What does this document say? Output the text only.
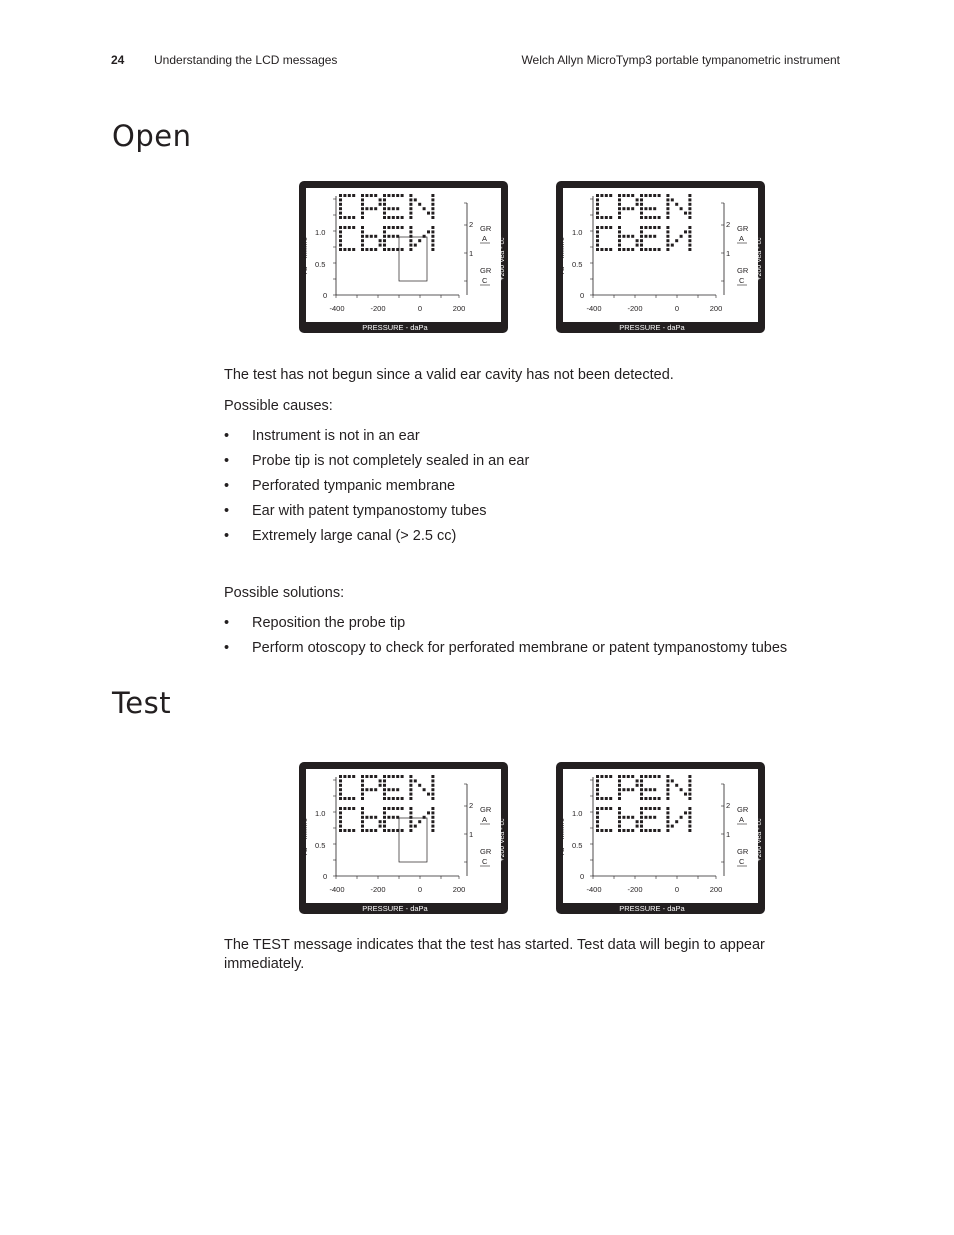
24 Understanding the LCD messages	Welch Allyn MicroTymp3 portable tympanometric instrument
Open
1.0
0.5
0
Ya - mmho
-400	-200	0	200
2
1
GR
A
GR
C +200 Vea - cc
PRESSURE - daPa
1.0
0.5
0
Ya - mmho
-400	-200	0	200
2
1
GR
A
GR
C +200 Vea - cc
PRESSURE - daPa

The test has not begun since a valid ear cavity has not been detected.

Possible causes:

• Instrument is not in an ear
• Probe tip is not completely sealed in an ear
• Perforated tympanic membrane
• Ear with patent tympanostomy tubes
• Extremely large canal (> 2.5 cc)

Possible solutions:

• Reposition the probe tip
• Perform otoscopy to check for perforated membrane or patent tympanostomy tubes
Test
1.0
0.5
0
Ya - mmho
-400	-200	0	200
2
1
GR
A
GR
C +200 Vea - cc
PRESSURE - daPa
1.0
0.5
0
Ya - mmho
-400	-200	0	200
2
1
GR
A
GR
C +200 Vea - cc
PRESSURE - daPa

The TEST message indicates that the test has started. Test data will begin to appear immediately.
